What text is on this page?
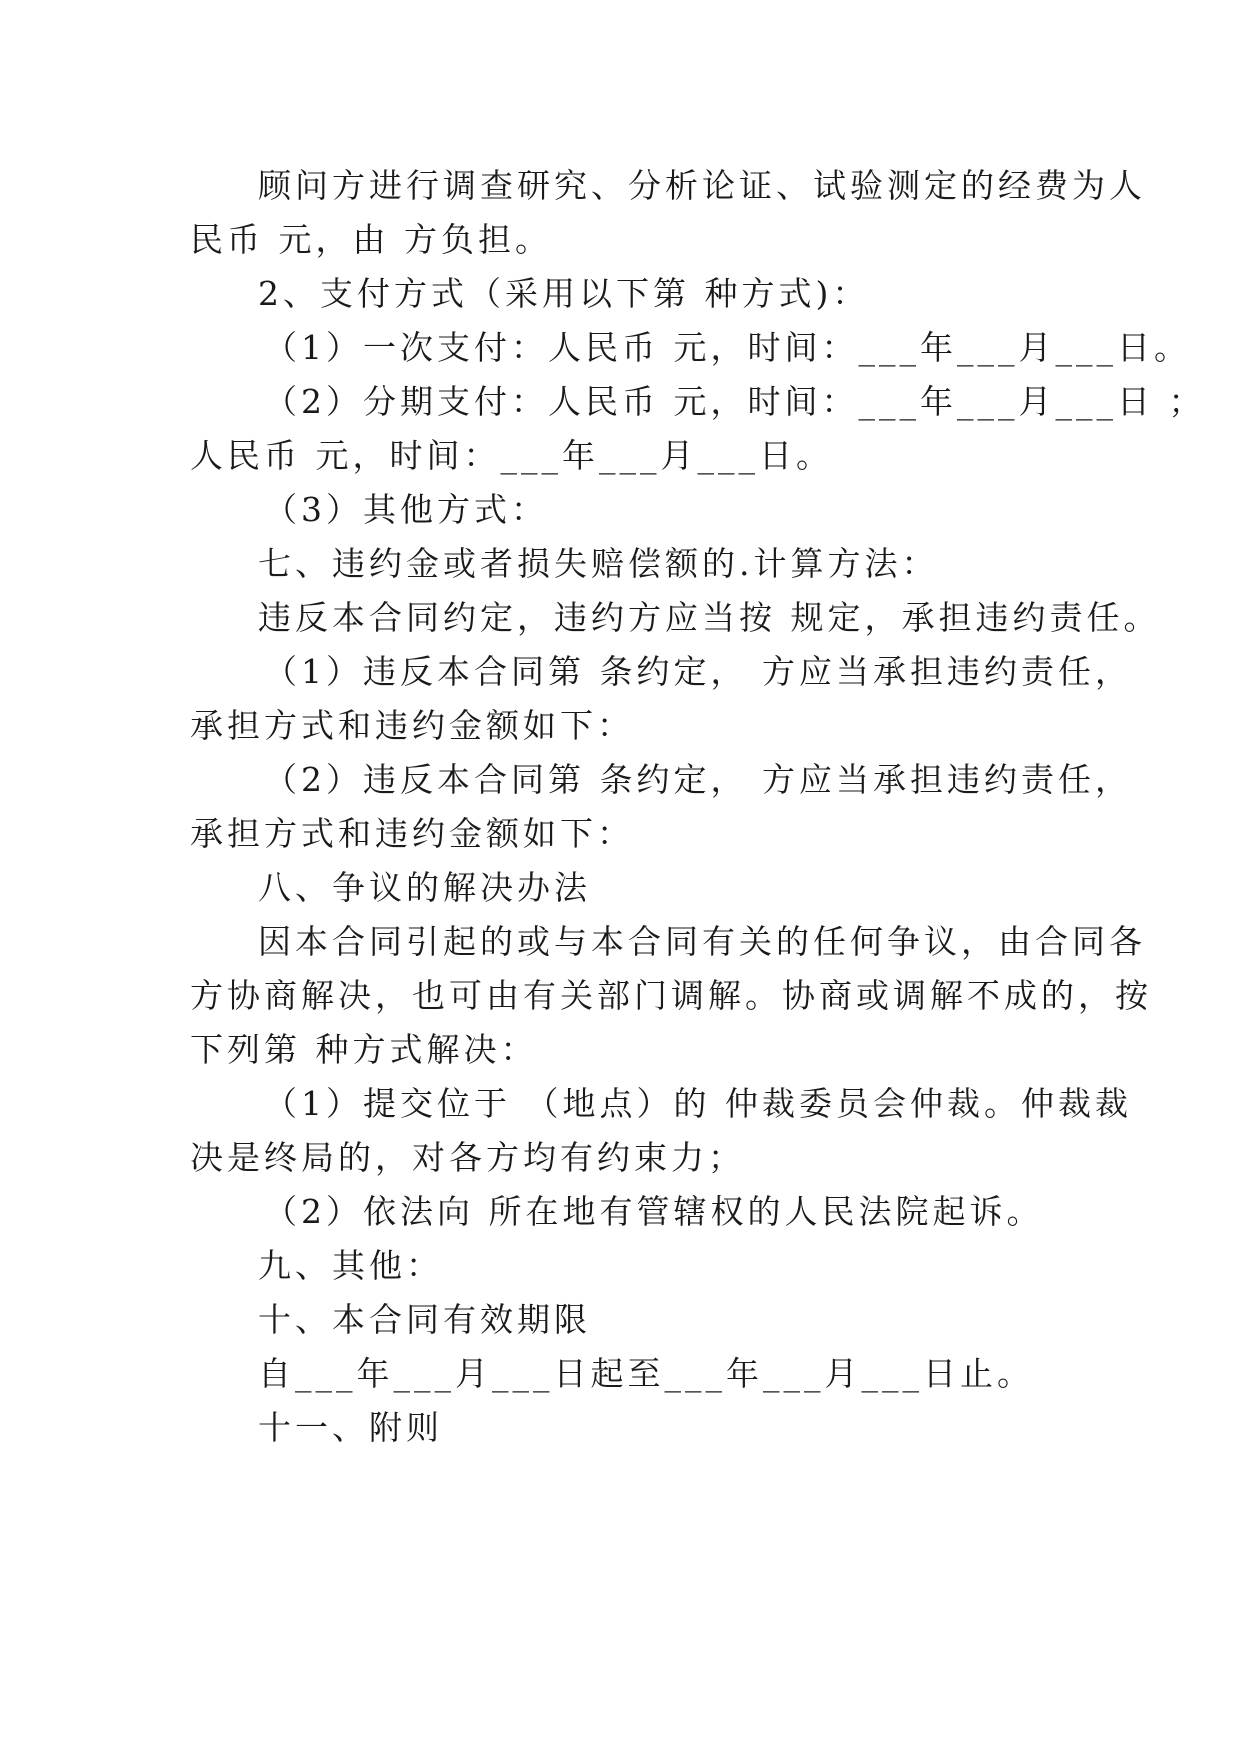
顾问方进行调查研究、分析论证、试验测定的经费为人
民币 元，由 方负担。
2、支付方式（采用以下第 种方式)：
（1）一次支付：人民币 元，时间：___年___月___日。
（2）分期支付：人民币 元，时间：___年___月___日 ；
人民币 元，时间：___年___月___日。
（3）其他方式：
七、违约金或者损失赔偿额的.计算方法：
违反本合同约定，违约方应当按 规定，承担违约责任。
（1）违反本合同第 条约定， 方应当承担违约责任，
承担方式和违约金额如下：
（2）违反本合同第 条约定， 方应当承担违约责任，
承担方式和违约金额如下：
八、争议的解决办法
因本合同引起的或与本合同有关的任何争议，由合同各
方协商解决，也可由有关部门调解。协商或调解不成的，按
下列第 种方式解决：
（1）提交位于 （地点）的 仲裁委员会仲裁。仲裁裁
决是终局的，对各方均有约束力；
（2）依法向 所在地有管辖权的人民法院起诉。
九、其他：
十、本合同有效期限
自___年___月___日起至___年___月___日止。
十一、附则
